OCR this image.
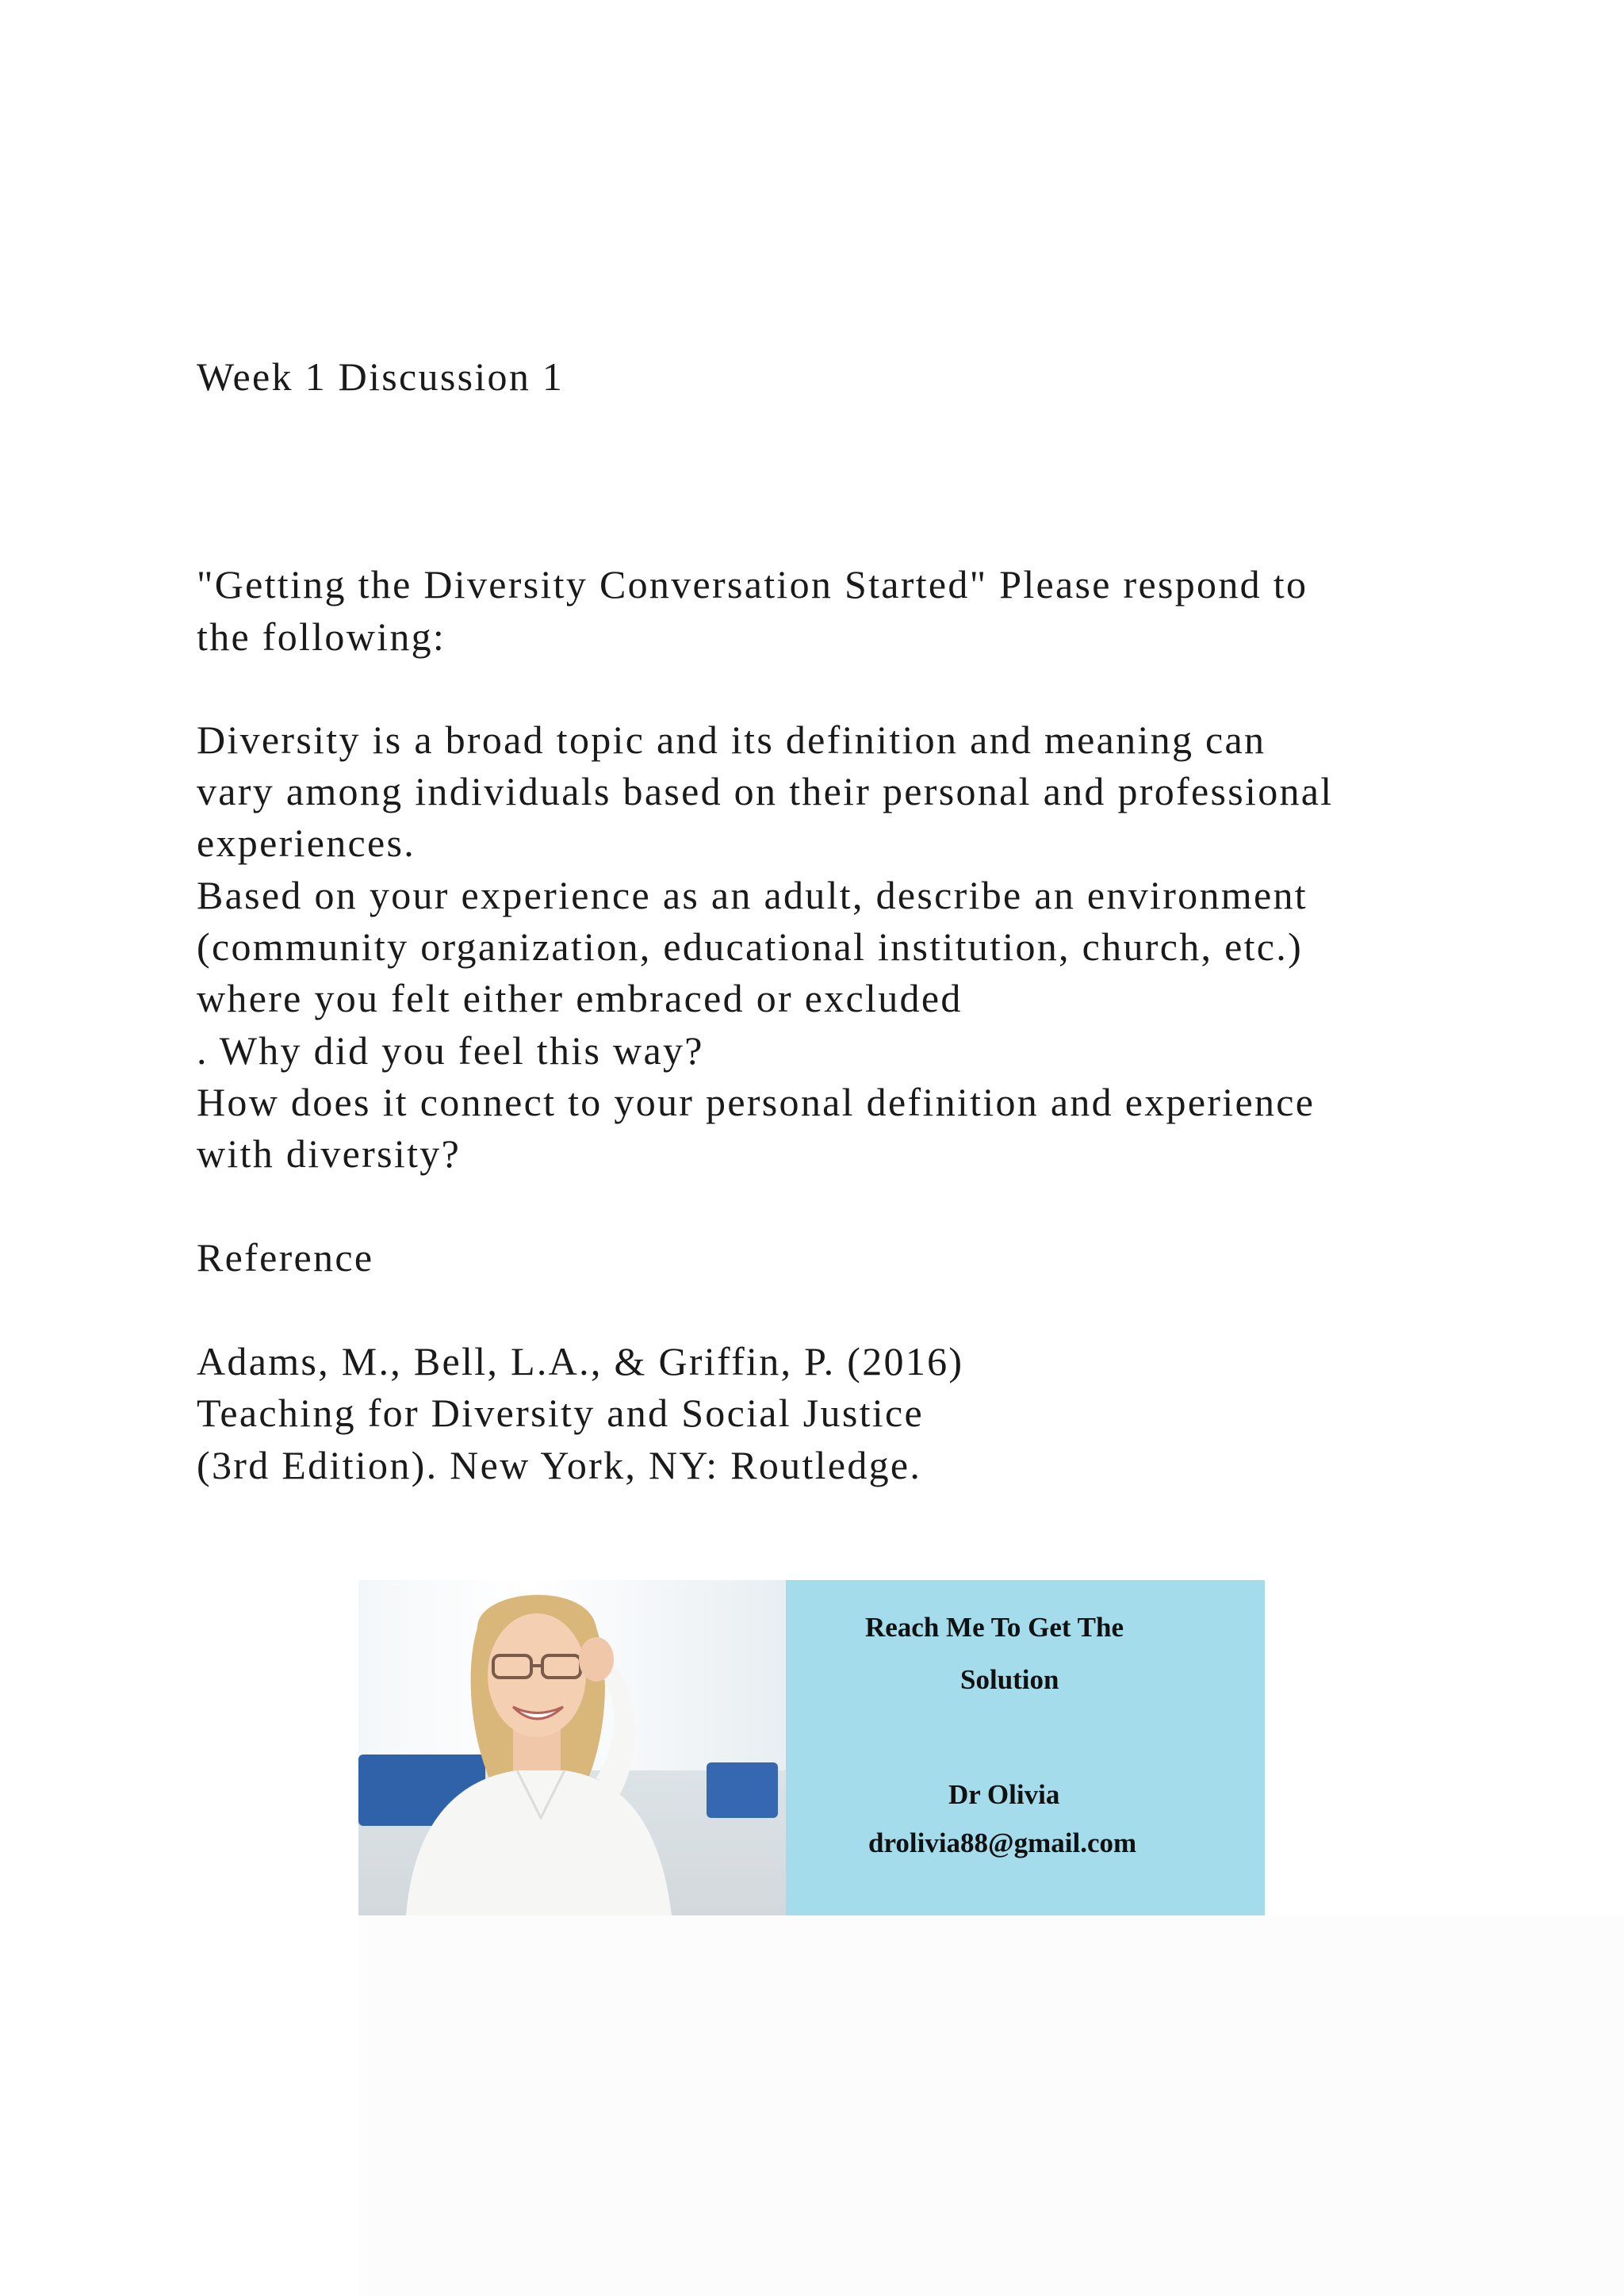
Week 1 Discussion 1
"Getting the Diversity Conversation Started" Please respond to
the following:
Diversity is a broad topic and its definition and meaning can
vary among individuals based on their personal and professional
experiences.
Based on your experience as an adult, describe an environment
(community organization, educational institution, church, etc.)
where you felt either embraced or excluded
. Why did you feel this way?
How does it connect to your personal definition and experience
with diversity?
Reference
Adams, M., Bell, L.A., & Griffin, P. (2016)
Teaching for Diversity and Social Justice
(3rd Edition). New York, NY: Routledge.
Reach Me To Get The
Solution
Dr Olivia
drolivia88@gmail.com
